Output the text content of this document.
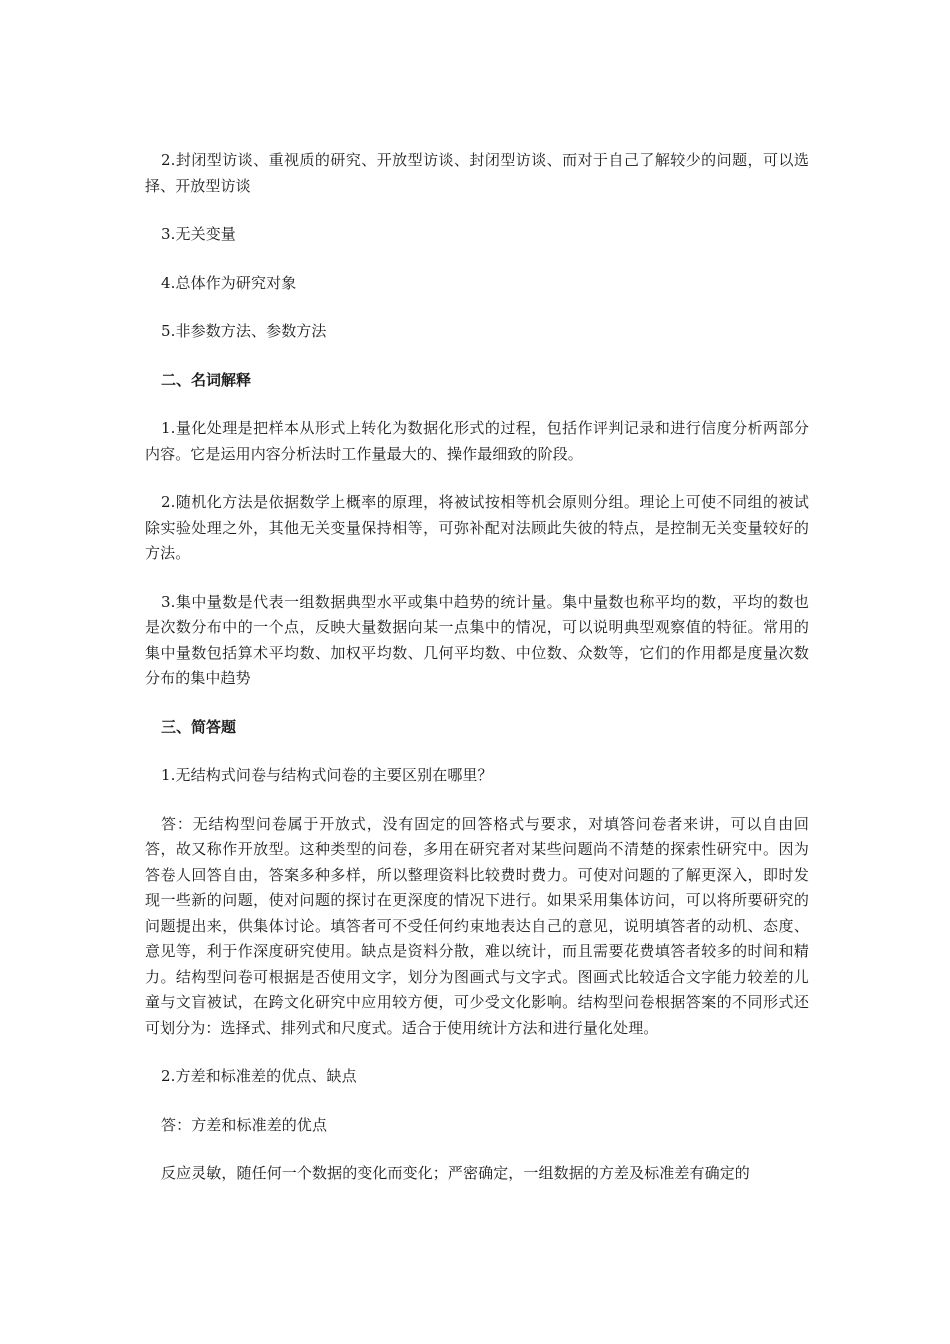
2.封闭型访谈、重视质的研究、开放型访谈、封闭型访谈、而对于自己了解较少的问题，可以选择、开放型访谈

3.无关变量

4.总体作为研究对象

5.非参数方法、参数方法

二、名词解释

1.量化处理是把样本从形式上转化为数据化形式的过程，包括作评判记录和进行信度分析两部分内容。它是运用内容分析法时工作量最大的、操作最细致的阶段。

2.随机化方法是依据数学上概率的原理，将被试按相等机会原则分组。理论上可使不同组的被试除实验处理之外，其他无关变量保持相等，可弥补配对法顾此失彼的特点，是控制无关变量较好的方法。

3.集中量数是代表一组数据典型水平或集中趋势的统计量。集中量数也称平均的数，平均的数也是次数分布中的一个点，反映大量数据向某一点集中的情况，可以说明典型观察值的特征。常用的集中量数包括算术平均数、加权平均数、几何平均数、中位数、众数等，它们的作用都是度量次数分布的集中趋势

三、简答题

1.无结构式问卷与结构式问卷的主要区别在哪里？

答：无结构型问卷属于开放式，没有固定的回答格式与要求，对填答问卷者来讲，可以自由回答，故又称作开放型。这种类型的问卷，多用在研究者对某些问题尚不清楚的探索性研究中。因为答卷人回答自由，答案多种多样，所以整理资料比较费时费力。可使对问题的了解更深入，即时发现一些新的问题，使对问题的探讨在更深度的情况下进行。如果采用集体访问，可以将所要研究的问题提出来，供集体讨论。填答者可不受任何约束地表达自己的意见，说明填答者的动机、态度、意见等，利于作深度研究使用。缺点是资料分散，难以统计，而且需要花费填答者较多的时间和精力。结构型问卷可根据是否使用文字，划分为图画式与文字式。图画式比较适合文字能力较差的儿童与文盲被试，在跨文化研究中应用较方便，可少受文化影响。结构型问卷根据答案的不同形式还可划分为：选择式、排列式和尺度式。适合于使用统计方法和进行量化处理。

2.方差和标准差的优点、缺点

答：方差和标准差的优点

反应灵敏，随任何一个数据的变化而变化；严密确定，一组数据的方差及标准差有确定的
